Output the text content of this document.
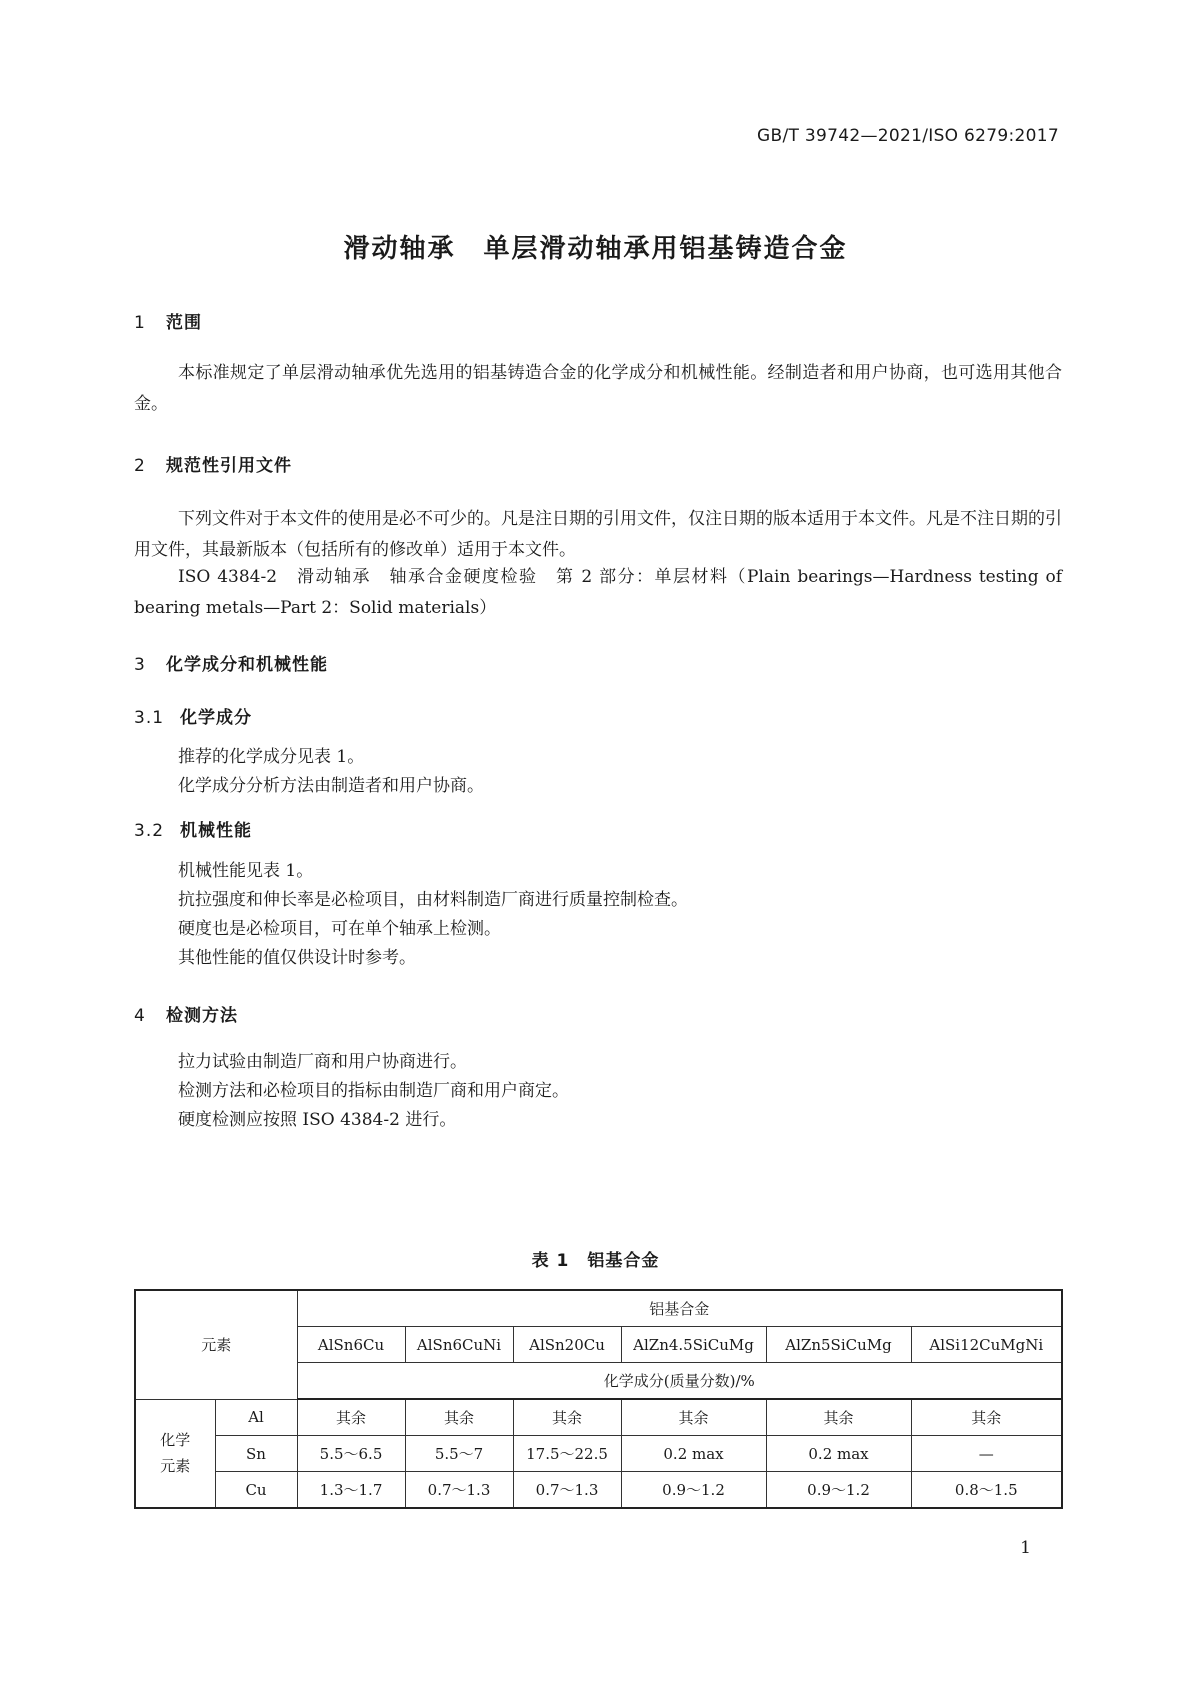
GB/T 39742—2021/ISO 6279:2017
滑动轴承　单层滑动轴承用铝基铸造合金
1 范围
本标准规定了单层滑动轴承优先选用的铝基铸造合金的化学成分和机械性能。经制造者和用户协商，也可选用其他合金。
2 规范性引用文件
下列文件对于本文件的使用是必不可少的。凡是注日期的引用文件，仅注日期的版本适用于本文件。凡是不注日期的引用文件，其最新版本（包括所有的修改单）适用于本文件。
ISO 4384-2　滑动轴承　轴承合金硬度检验　第 2 部分：单层材料（Plain bearings—Hardness testing of bearing metals—Part 2：Solid materials）
3 化学成分和机械性能
3.1 化学成分
推荐的化学成分见表 1。
化学成分分析方法由制造者和用户协商。
3.2 机械性能
机械性能见表 1。
抗拉强度和伸长率是必检项目，由材料制造厂商进行质量控制检查。
硬度也是必检项目，可在单个轴承上检测。
其他性能的值仅供设计时参考。
4 检测方法
拉力试验由制造厂商和用户协商进行。
检测方法和必检项目的指标由制造厂商和用户商定。
硬度检测应按照 ISO 4384-2 进行。
表 1　铝基合金
元素		铝基合金					
		AlSn6Cu	AlSn6CuNi	AlSn20Cu	AlZn4.5SiCuMg	AlZn5SiCuMg	AlSi12CuMgNi
		化学成分(质量分数)/%					
化学
元素	Al	其余	其余	其余	其余	其余	其余
	Sn	5.5～6.5	5.5～7	17.5～22.5	0.2 max	0.2 max	—
	Cu	1.3～1.7	0.7～1.3	0.7～1.3	0.9～1.2	0.9～1.2	0.8～1.5
1
